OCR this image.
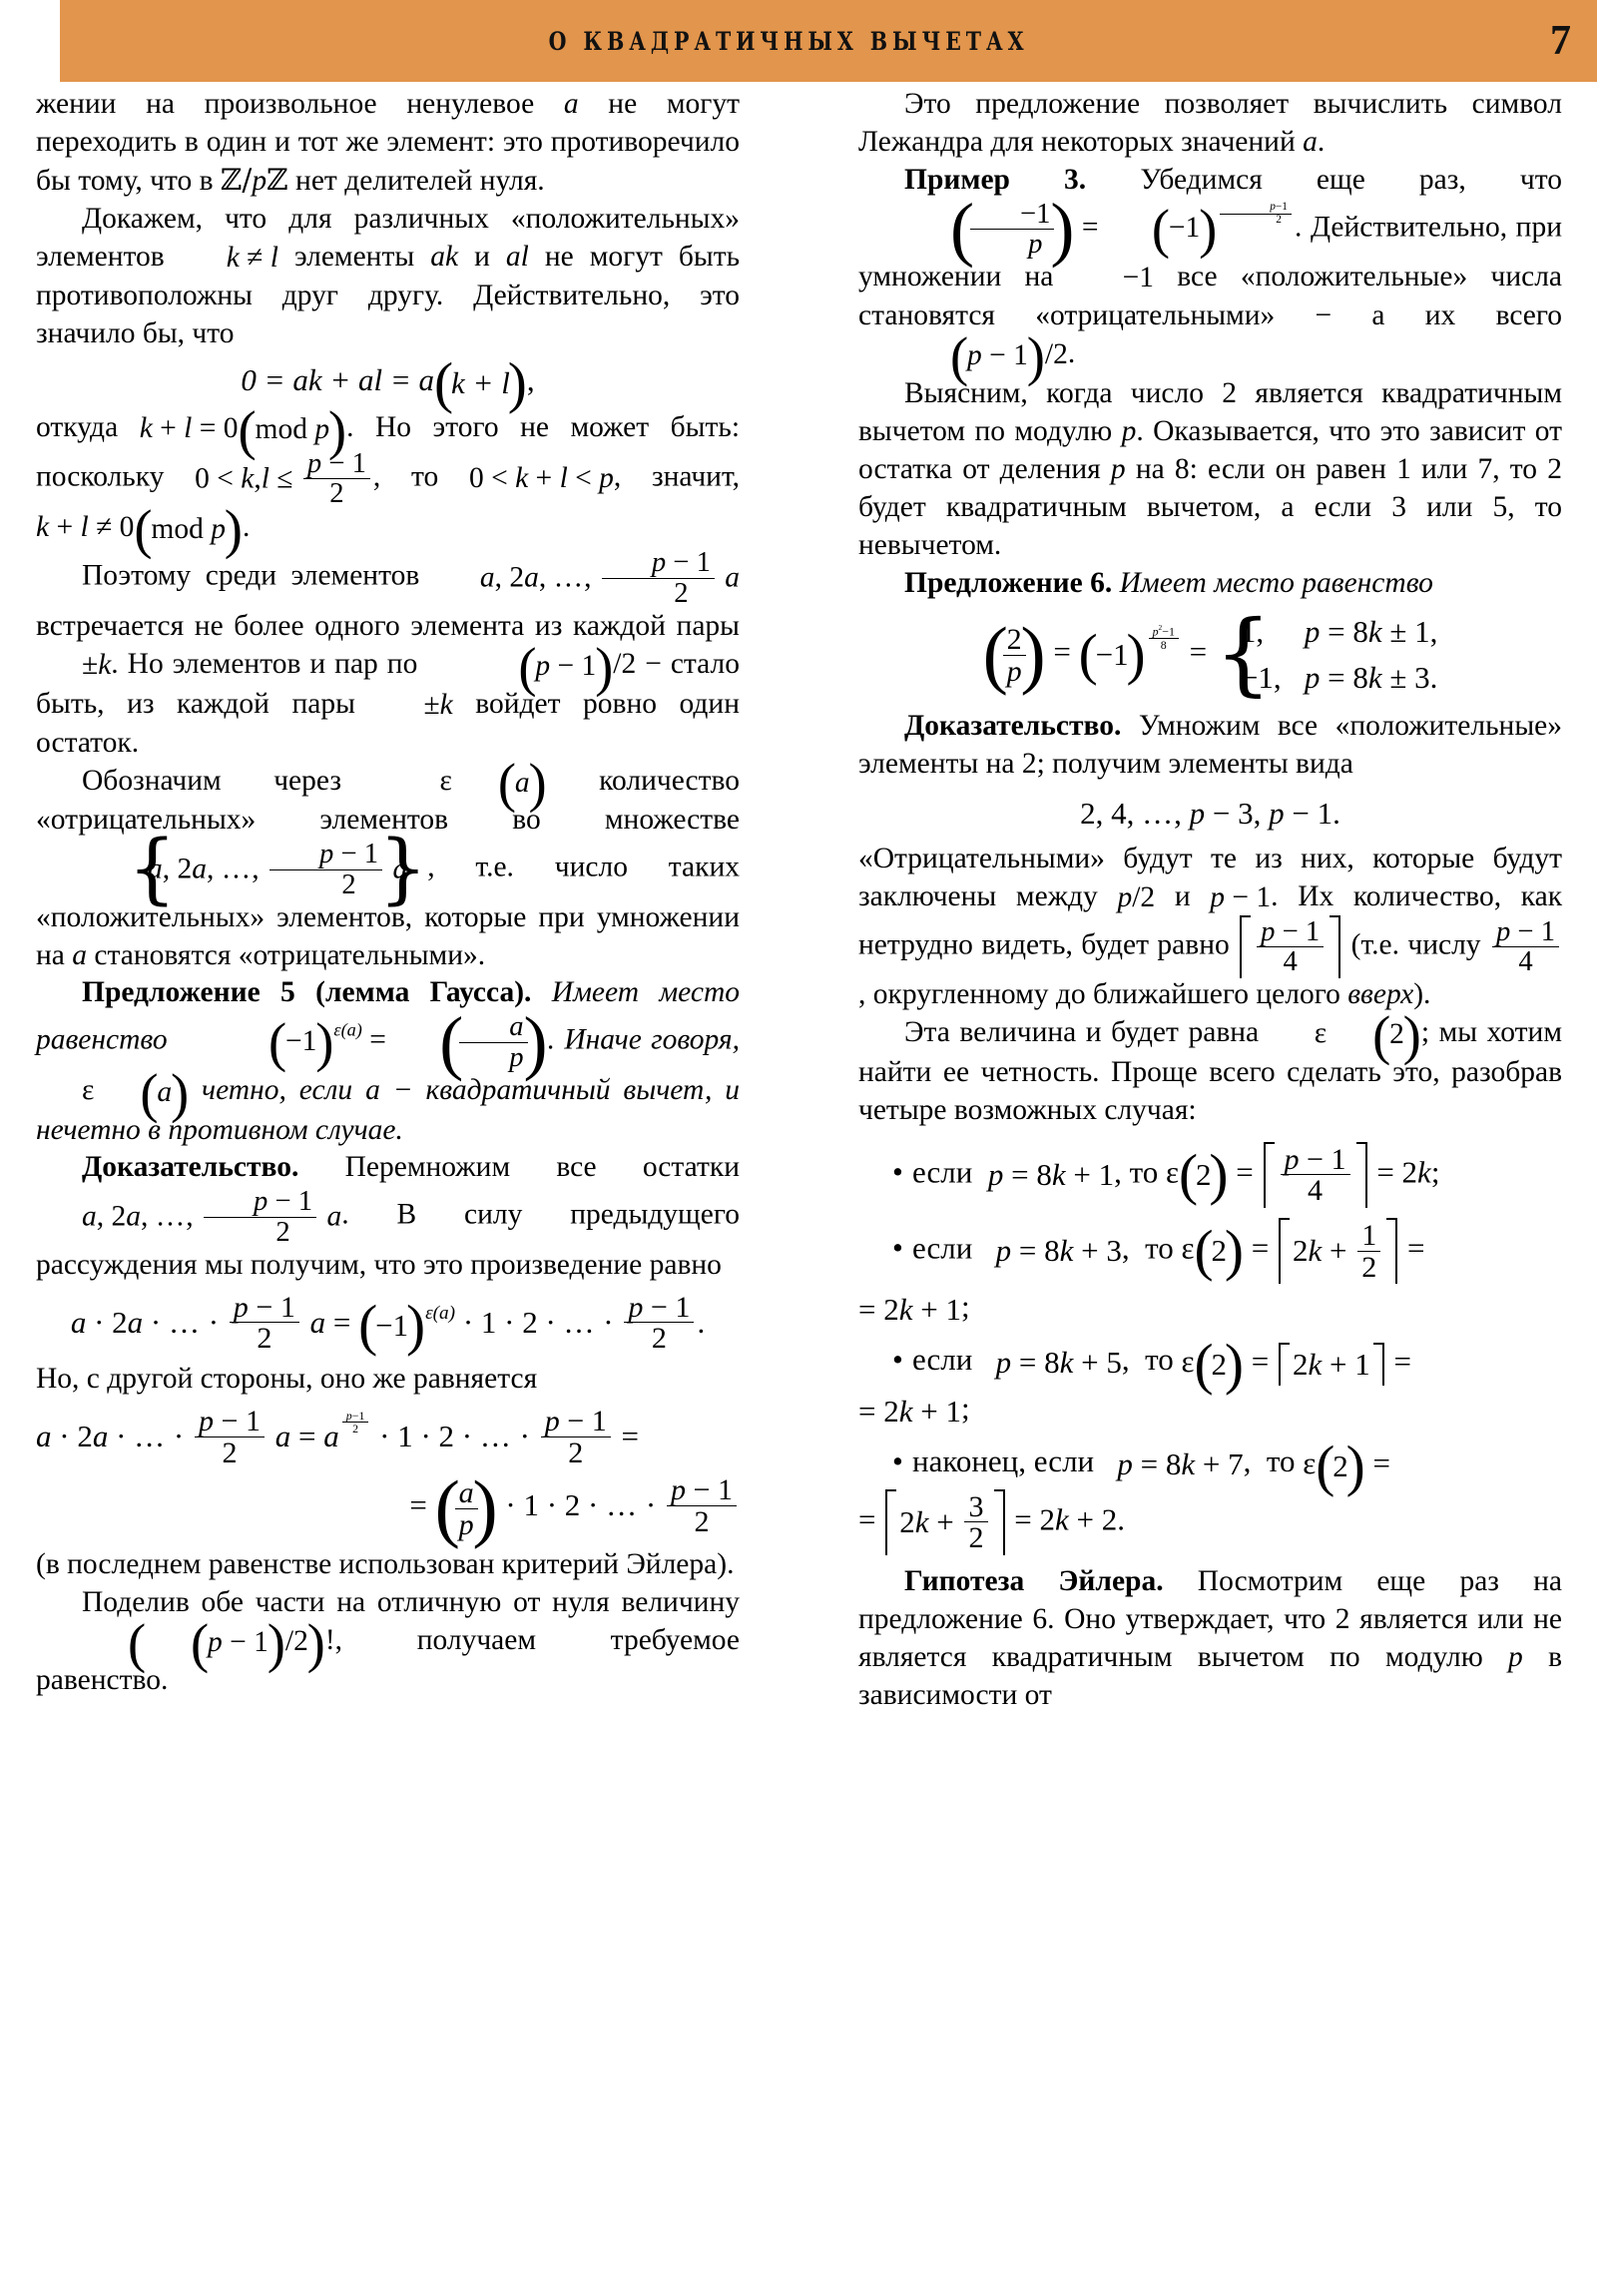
О КВАДРАТИЧНЫХ ВЫЧЕТАХ	7

жении на произвольное ненулевое a не могут переходить в один и тот же элемент: это противоречило бы тому, что в ℤ/pℤ нет делителей нуля.

Докажем, что для различных «положительных» элементов k ≠ l элементы ak и al не могут быть противоположны друг другу. Действительно, это значило бы, что

0 = ak + al = a ( k + l ) ,

откуда k + l = 0 ( mod p ) . Но этого не может быть: поскольку $0 < k,l \le \frac{p - 1}{2}$ , то 0 < k + l < p, значит, k + l ≠ 0 ( mod p ) .

Поэтому среди элементов a, 2a, …, $\frac{p - 1}{2}$ a встречается не более одного элемента из каждой пары ±k. Но элементов и пар по	( p − 1 ) /2 − стало быть, из каждой пары ±k войдет ровно один остаток.

Обозначим через	ε ( a ) количество «отрицательных» элементов во множестве { a, 2a, …, $\frac{p - 1}{2}$ a } , т.е. число таких «положительных» элементов, которые при умножении на a становятся «отрицательными».

Предложение 5 (лемма Гаусса). Имеет место равенство	( −1 ) $^{\varepsilon(a)}$ = ( $\frac{a}{p}$
) . Иначе говоря, ε ( a ) четно, если a − квадратичный вычет, и нечетно в противном случае.

Доказательство. Перемножим все остатки a, 2a, …, $\frac{p - 1}{2} a$. В силу предыдущего рассуждения мы получим, что это произведение равно

a · 2a · … · $\frac{p - 1}{2}$ a = ( −1 ) $^{\varepsilon(a)}$ · 1 · 2 · … · $\frac{p - 1}{2}$ .

Но, с другой стороны, оно же равняется

a · 2a · … · $\frac{p - 1}{2}$ a = a $^{\frac{p-1}{2}}$ · 1 · 2 · … · $\frac{p - 1}{2}$ =
= ( $\frac{a}{p}$
) · 1 · 2 · … · $\frac{p - 1}{2}$

(в последнем равенстве использован критерий Эйлера).

Поделив обе части на отличную от нуля величину ( ( p − 1 ) /2 ) !, получаем требуемое равенство.

Это предложение позволяет вычислить символ Лежандра для некоторых значений a.

Пример 3. Убедимся еще раз, что
( $\frac{-1}{p}$
) = ( −1 ) $^{\frac{p-1}{2}}$ . Действительно, при умножении на −1 все «положительные» числа становятся «отрицательными» − а их всего ( p − 1 ) /2.

Выясним, когда число 2 является квадратичным вычетом по модулю p. Оказывается, что это зависит от остатка от деления p на 8: если он равен 1 или 7, то 2 будет квадратичным вычетом, а если 3 или 5, то невычетом.

Предложение 6. Имеет место равенство

( $\frac{2}{p}$
) = ( −1 ) $^{\frac{p^2-1}{8}}$ =
{ 1, p = 8k ± 1,
−1, p = 8k ± 3.

Доказательство. Умножим все «положительные» элементы на 2; получим элементы вида

2, 4, …, p − 3, p − 1.

«Отрицательными» будут те из них, которые будут заключены между p/2 и p − 1. Их количество, как нетрудно видеть, будет равно $\frac{p - 1}{4} (т.е$. числу $\frac{p - 1}{4}$
, округленному до ближайшего целого вверх).

Эта величина и будет равна ε ( 2 ) ; мы хотим найти ее четность. Проще всего сделать это, разобрав четыре возможных случая:

• если p = 8k + 1, то ε ( 2 ) = $\frac{p - 1}{4} = 2k$;
• если p = 8k + 3,  то ε ( 2 ) = $2k + \frac{1}{2}$ =
= 2k + 1;
• если p = 8k + 5,  то ε ( 2 ) = 2k + 1 =
= 2k + 1;
• наконец, если p = 8k + 7,  то ε ( 2 ) =
= $2k + \frac{3}{2} = 2k + 2$.

Гипотеза Эйлера. Посмотрим еще раз на предложение 6. Оно утверждает, что 2 является или не является квадратичным вычетом по модулю p в зависимости от
